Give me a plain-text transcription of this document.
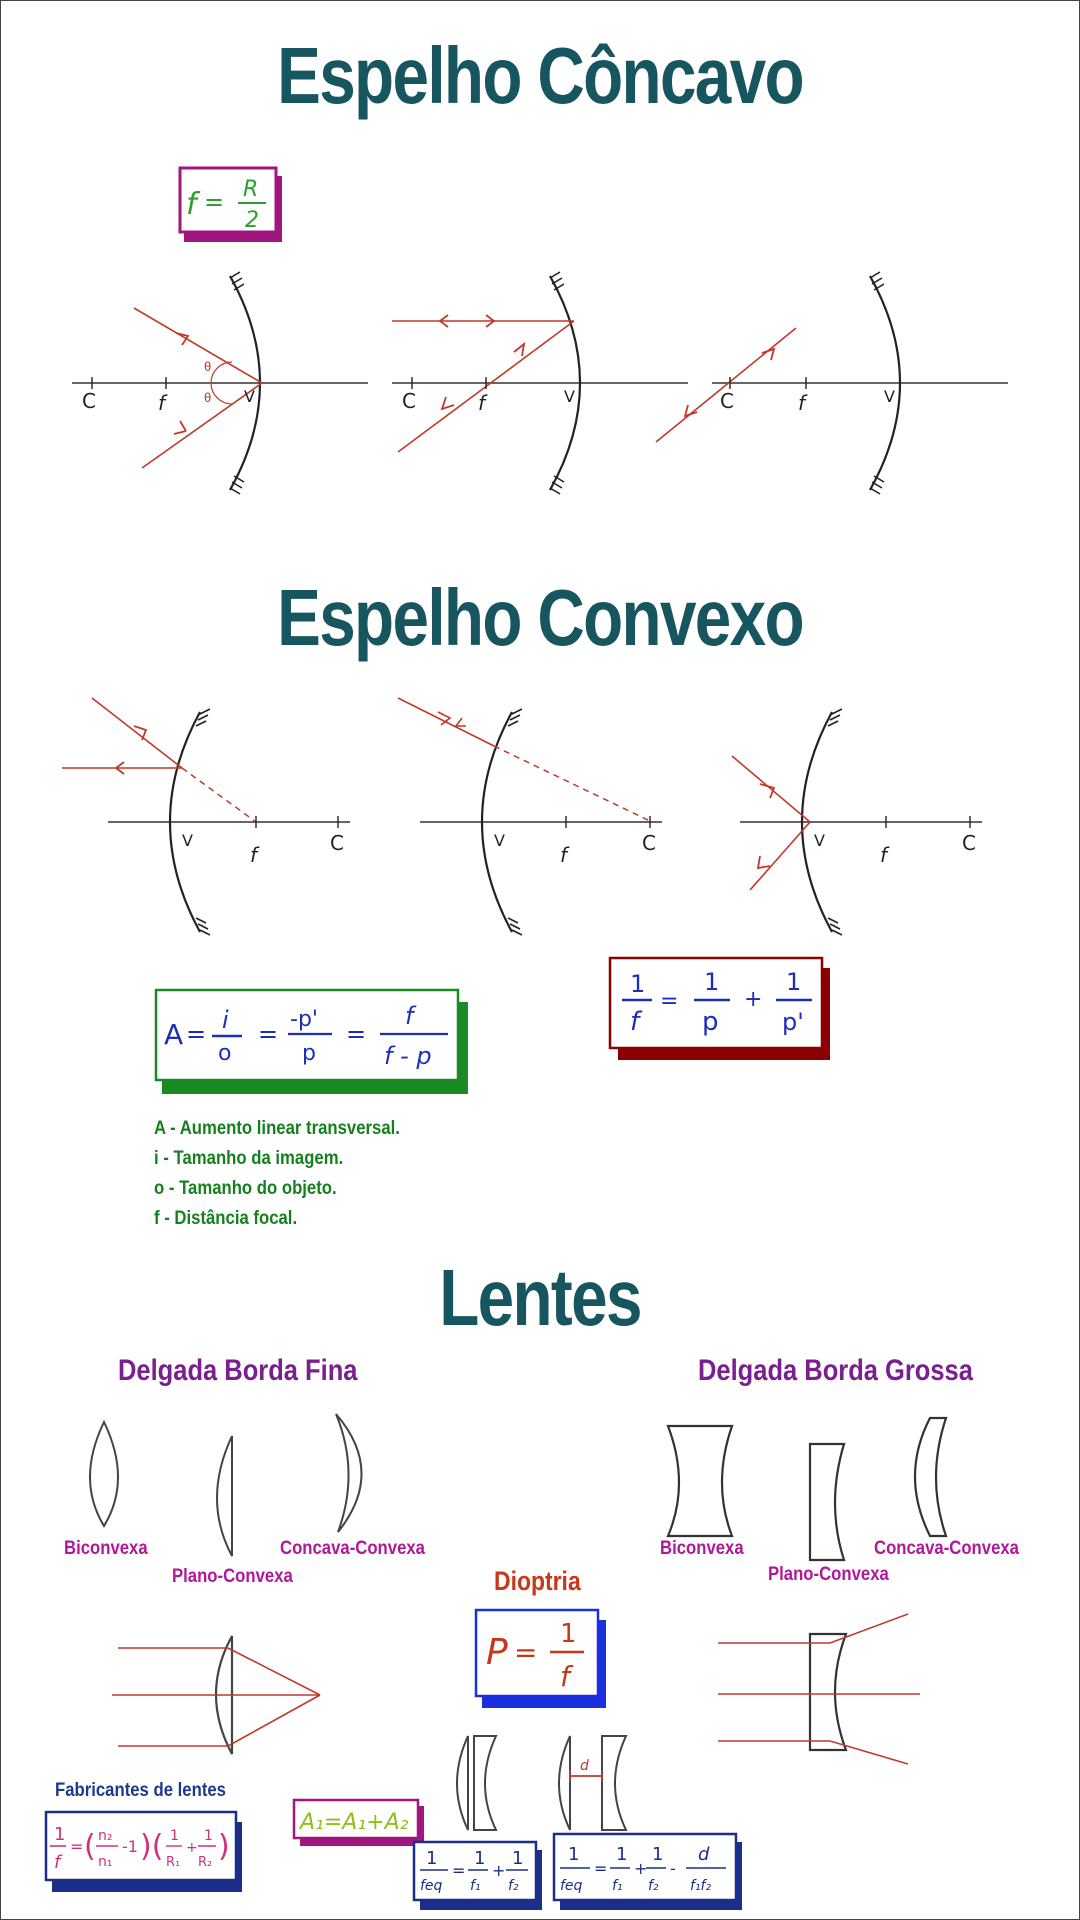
Espelho Côncavo
Espelho Convexo
Lentes
f = R
2
θ
θ
C	f	V	C	f	V	C	f	V
V
f	C	V
f	C	V
f	C
A = i
o
=
-p'
p
=
f
f - p
1
f
=
1
p
+
1
p'
P =
1
f
d
A₁=A₁+A₂
1
f
= ( n₂
n₁
-1 )( 1
R₁
+
1
R₂ )	1
feq
=
1
f₁
+
1
f₂
1
feq
=
1
f₁
+
1
f₂
-
d
f₁f₂
A - Aumento linear transversal.
i - Tamanho da imagem.
o - Tamanho do objeto.
f - Distância focal.
Delgada Borda Fina	Delgada Borda Grossa
Biconvexa
Plano-Convexa
Concava-Convexa	Biconvexa
Plano-Convexa
Concava-Convexa
Dioptria
Fabricantes de lentes
